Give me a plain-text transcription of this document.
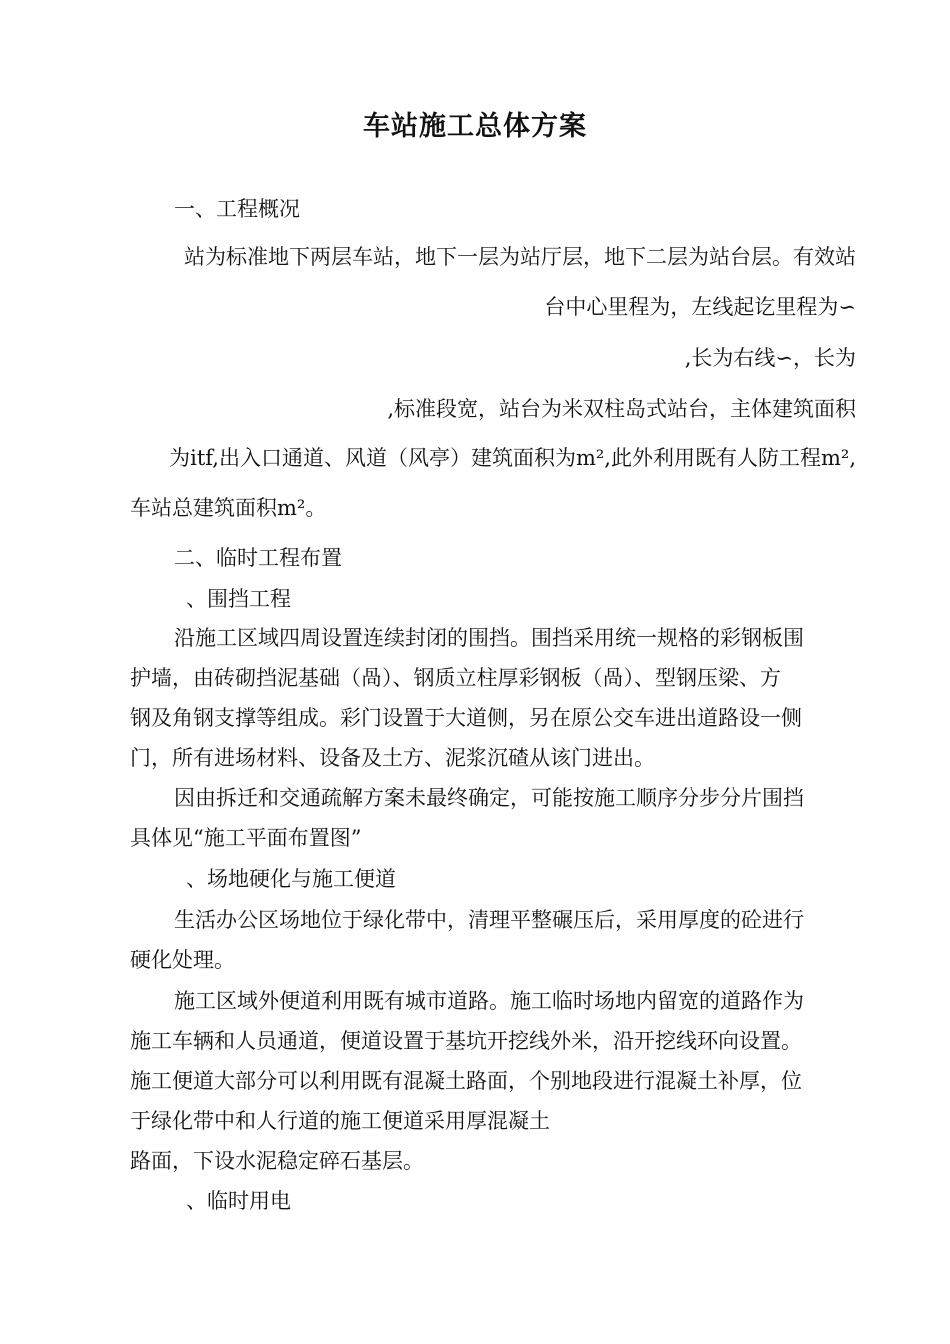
车站施工总体方案

一、工程概况

站为标准地下两层车站，地下一层为站厅层，地下二层为站台层。有效站

台中心里程为，左线起讫里程为∽

,长为右线∽，长为

,标准段宽，站台为米双柱岛式站台，主体建筑面积

为itf,出入口通道、风道（风亭）建筑面积为m²,此外利用既有人防工程m²,

车站总建筑面积m²。

二、临时工程布置

、围挡工程

沿施工区域四周设置连续封闭的围挡。围挡采用统一规格的彩钢板围

护墙，由砖砌挡泥基础（咼）、钢质立柱厚彩钢板（咼）、型钢压梁、方

钢及角钢支撑等组成。彩门设置于大道侧，另在原公交车进出道路设一侧

门，所有进场材料、设备及土方、泥浆沉碴从该门进出。

因由拆迁和交通疏解方案未最终确定，可能按施工顺序分步分片围挡

具体见“施工平面布置图”

、场地硬化与施工便道

生活办公区场地位于绿化带中，清理平整碾压后，采用厚度的砼进行

硬化处理。

施工区域外便道利用既有城市道路。施工临时场地内留宽的道路作为

施工车辆和人员通道，便道设置于基坑开挖线外米，沿开挖线环向设置。

施工便道大部分可以利用既有混凝土路面，个别地段进行混凝土补厚，位

于绿化带中和人行道的施工便道采用厚混凝土

路面，下设水泥稳定碎石基层。

、临时用电
